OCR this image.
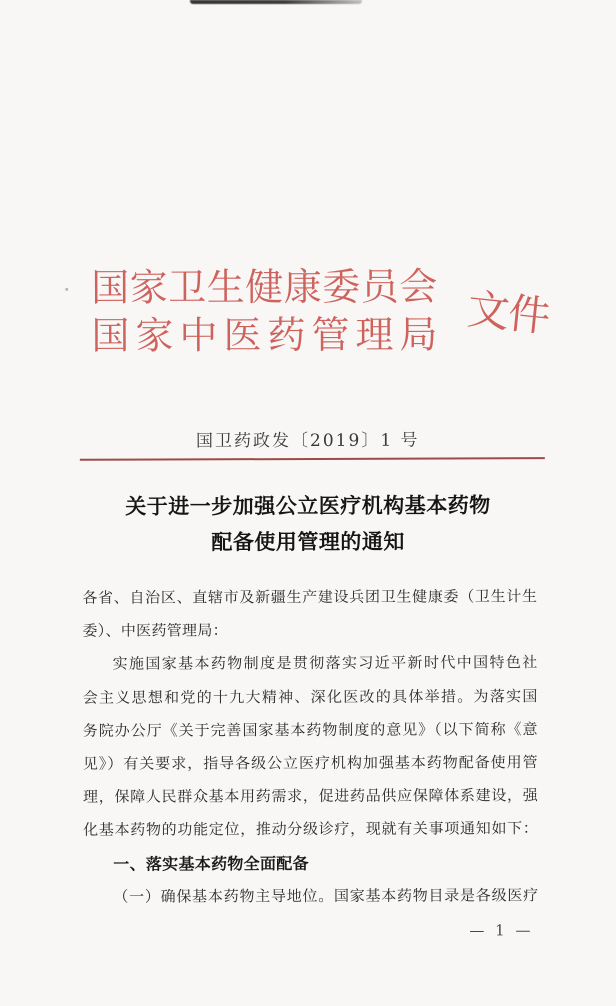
国家卫生健康委员会
国家中医药管理局 文件
国卫药政发〔2019〕1 号
关于进一步加强公立医疗机构基本药物
配备使用管理的通知
各省、自治区、直辖市及新疆生产建设兵团卫生健康委（卫生计生
委）、中医药管理局：
实施国家基本药物制度是贯彻落实习近平新时代中国特色社
会主义思想和党的十九大精神、深化医改的具体举措。为落实国
务院办公厅《关于完善国家基本药物制度的意见》（以下简称《意
见》）有关要求，指导各级公立医疗机构加强基本药物配备使用管
理，保障人民群众基本用药需求，促进药品供应保障体系建设，强
化基本药物的功能定位，推动分级诊疗，现就有关事项通知如下：
一、落实基本药物全面配备
（一）确保基本药物主导地位。国家基本药物目录是各级医疗
— 1 —
